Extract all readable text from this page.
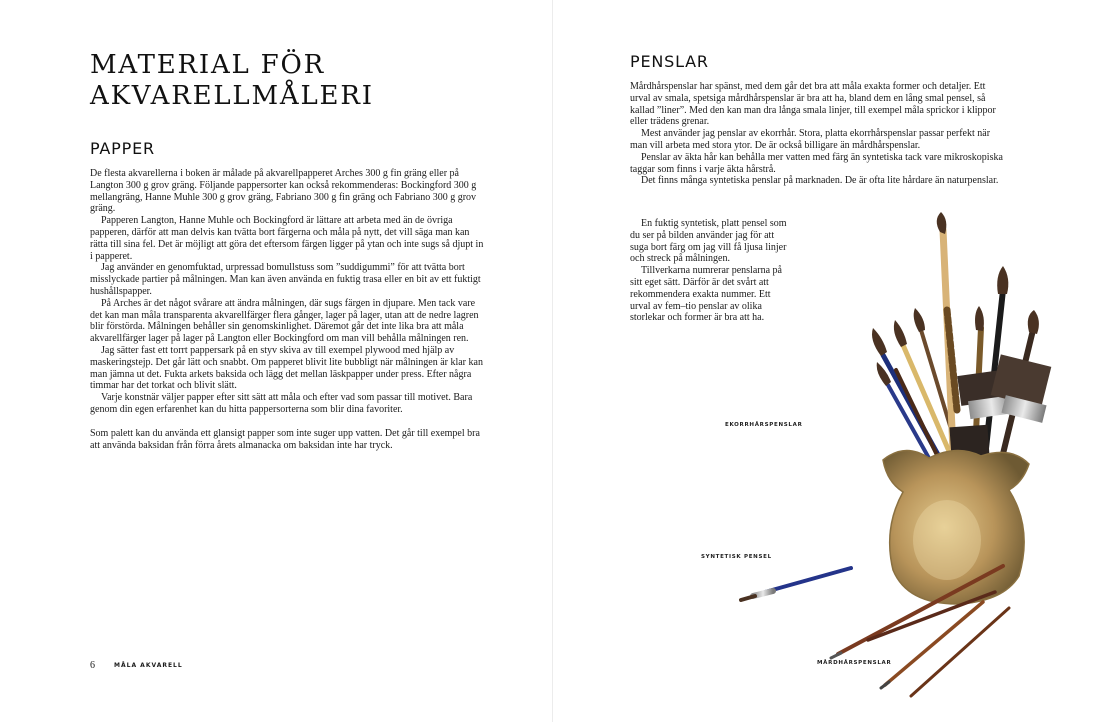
MATERIAL FÖR AKVARELLMÅLERI
PAPPER

De flesta akvarellerna i boken är målade på akvarellpapperet Arches 300 g fin gräng eller på Langton 300 g grov gräng. Följande pappersorter kan också rekommenderas: Bockingford 300 g mellangräng, Hanne Muhle 300 g grov gräng, Fabriano 300 g fin gräng och Fabriano 300 g grov gräng.

Papperen Langton, Hanne Muhle och Bockingford är lättare att arbeta med än de övriga papperen, därför att man delvis kan tvätta bort färgerna och måla på nytt, det vill säga man kan rätta till sina fel. Det är möjligt att göra det eftersom färgen ligger på ytan och inte sugs så djupt in i papperet.

Jag använder en genomfuktad, urpressad bomullstuss som ”suddigummi” för att tvätta bort misslyckade partier på målningen. Man kan även använda en fuktig trasa eller en bit av ett fuktigt hushållspapper.

På Arches är det något svårare att ändra målningen, där sugs färgen in djupare. Men tack vare det kan man måla transparenta akvarellfärger flera gånger, lager på lager, utan att de nedre lagren blir förstörda. Målningen behåller sin genomskinlighet. Däremot går det inte lika bra att måla akvarellfärger lager på lager på Langton eller Bockingford om man vill behålla målningen ren.

Jag sätter fast ett torrt pappersark på en styv skiva av till exempel plywood med hjälp av maskeringstejp. Det går lätt och snabbt. Om papperet blivit lite bubbligt när målningen är klar kan man jämna ut det. Fukta arkets baksida och lägg det mellan läskpapper under press. Efter några timmar har det torkat och blivit slätt.

Varje konstnär väljer papper efter sitt sätt att måla och efter vad som passar till motivet. Bara genom din egen erfarenhet kan du hitta pappersorterna som blir dina favoriter.

Som palett kan du använda ett glansigt papper som inte suger upp vatten. Det går till exempel bra att använda baksidan från förra årets almanacka om baksidan inte har tryck.

6	MÅLA AKVARELL
PENSLAR

Mårdhårspenslar har spänst, med dem går det bra att måla exakta former och detaljer. Ett urval av smala, spetsiga mårdhårspenslar är bra att ha, bland dem en lång smal pensel, så kallad ”liner”. Med den kan man dra långa smala linjer, till exempel måla sprickor i klippor eller trädens grenar.

Mest använder jag penslar av ekorrhår. Stora, platta ekorrhårspenslar passar perfekt när man vill arbeta med stora ytor. De är också billigare än mårdhårspenslar.

Penslar av äkta hår kan behålla mer vatten med färg än syntetiska tack vare mikroskopiska taggar som finns i varje äkta hårstrå.

Det finns många syntetiska penslar på marknaden. De är ofta lite hårdare än naturpenslar.

En fuktig syntetisk, platt pensel som du ser på bilden använder jag för att suga bort färg om jag vill få ljusa linjer och streck på målningen.

Tillverkarna numrerar penslarna på sitt eget sätt. Därför är det svårt att rekommendera exakta nummer. Ett urval av fem–tio penslar av olika storlekar och former är bra att ha.

EKORRHÅRSPENSLAR
SYNTETISK PENSEL
MÅRDHÅRSPENSLAR
